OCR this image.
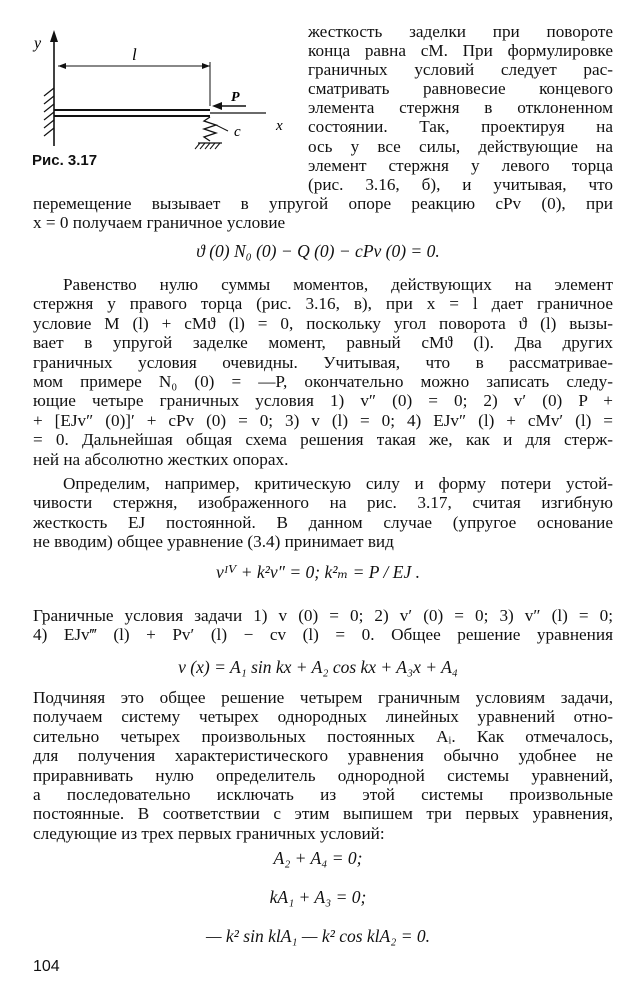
y
l
P
c x
Рис. 3.17
жесткость заделки при повороте
конца равна cM. При формулировке
граничных условий следует рас-
сматривать равновесие концевого
элемента стержня в отклоненном
состоянии. Так, проектируя на
ось y все силы, действующие на
элемент стержня у левого торца
(рис. 3.16, б), и учитывая, что
перемещение вызывает в упругой опоре реакцию cPv (0), при
x = 0 получаем граничное условие
ϑ (0) N₀ (0) − Q (0) − cPv (0) = 0.
Равенство нулю суммы моментов, действующих на элемент
стержня у правого торца (рис. 3.16, в), при x = l дает граничное
условие M (l) + cMϑ (l) = 0, поскольку угол поворота ϑ (l) вызы-
вает в упругой заделке момент, равный cMϑ (l). Два других
граничных условия очевидны. Учитывая, что в рассматривае-
мом примере N₀ (0) = —P, окончательно можно записать следу-
ющие четыре граничных условия 1) v″ (0) = 0; 2) v′ (0) P +
+ [EJv″ (0)]′ + cPv (0) = 0; 3) v (l) = 0; 4) EJv″ (l) + cMv′ (l) =
= 0. Дальнейшая общая схема решения такая же, как и для стерж-
ней на абсолютно жестких опорах.
Определим, например, критическую силу и форму потери устой-
чивости стержня, изображенного на рис. 3.17, считая изгибную
жесткость EJ постоянной. В данном случае (упругое основание
не вводим) общее уравнение (3.4) принимает вид
vᴵⱽ + k²v″ = 0; k²ₘ = P / EJ .
Граничные условия задачи 1) v (0) = 0; 2) v′ (0) = 0; 3) v″ (l) = 0;
4) EJv‴ (l) + Pv′ (l) − cv (l) = 0. Общее решение уравнения
v (x) = A₁ sin kx + A₂ cos kx + A₃x + A₄
Подчиняя это общее решение четырем граничным условиям задачи,
получаем систему четырех однородных линейных уравнений отно-
сительно четырех произвольных постоянных Aᵢ. Как отмечалось,
для получения характеристического уравнения обычно удобнее не
приравнивать нулю определитель однородной системы уравнений,
а последовательно исключать из этой системы произвольные
постоянные. В соответствии с этим выпишем три первых уравнения,
следующие из трех первых граничных условий:
A₂ + A₄ = 0;
kA₁ + A₃ = 0;
— k² sin klA₁ — k² cos klA₂ = 0.
104
